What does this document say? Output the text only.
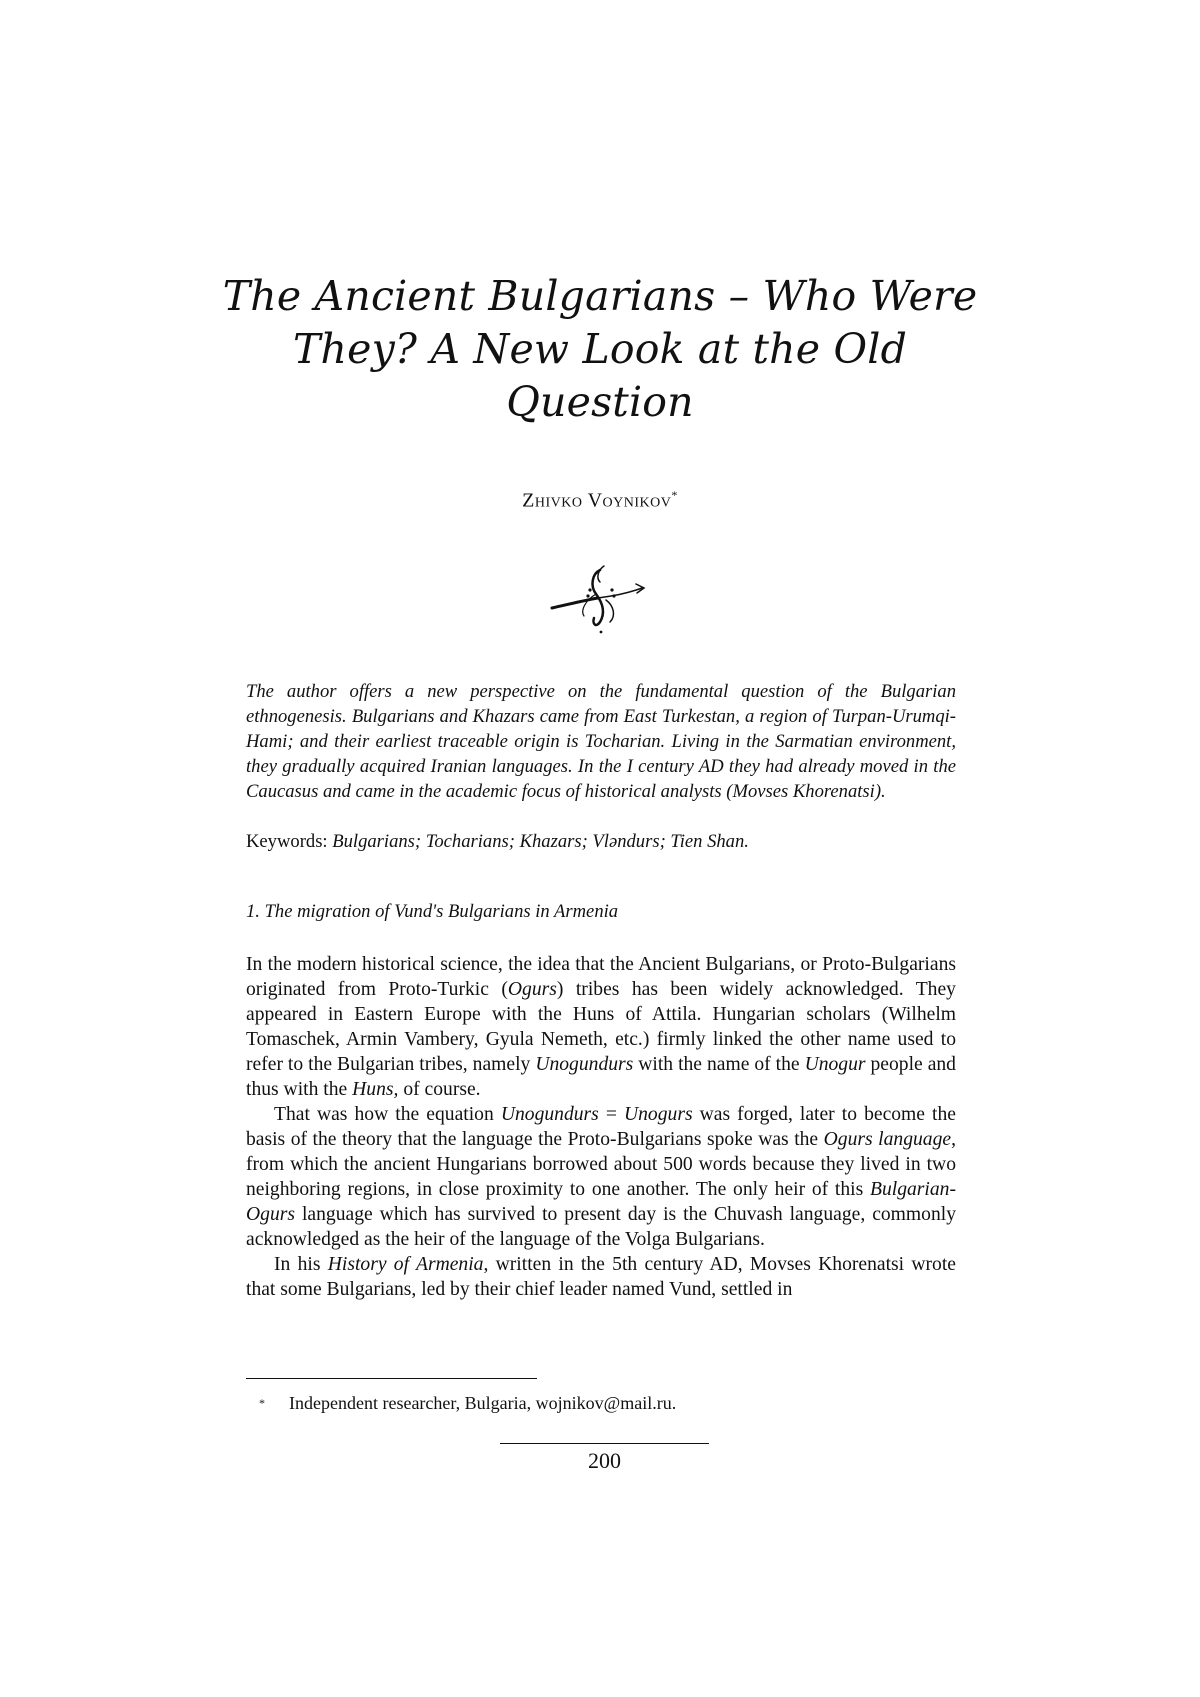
The Ancient Bulgarians – Who Were
They? A New Look at the Old
Question
Zhivko Voynikov*
The author offers a new perspective on the fundamental question of the Bulgarian ethnogenesis. Bulgarians and Khazars came from East Turkestan, a region of Turpan-Urumqi-Hami; and their earliest traceable origin is Tocharian. Living in the Sarmatian environment, they gradually acquired Iranian languages. In the I century AD they had already moved in the Caucasus and came in the academic focus of historical analysts (Movses Khorenatsi).
Keywords: Bulgarians; Tocharians; Khazars; Vləndurs; Tien Shan.
1. The migration of Vund's Bulgarians in Armenia

In the modern historical science, the idea that the Ancient Bulgarians, or Proto-Bulgarians originated from Proto-Turkic (Ogurs) tribes has been widely acknowledged. They appeared in Eastern Europe with the Huns of Attila. Hungarian scholars (Wilhelm Tomaschek, Armin Vambery, Gyula Nemeth, etc.) firmly linked the other name used to refer to the Bulgarian tribes, namely Unogundurs with the name of the Unogur people and thus with the Huns, of course.

That was how the equation Unogundurs = Unogurs was forged, later to become the basis of the theory that the language the Proto-Bulgarians spoke was the Ogurs language, from which the ancient Hungarians borrowed about 500 words because they lived in two neighboring regions, in close proximity to one another. The only heir of this Bulgarian-Ogurs language which has survived to present day is the Chuvash language, commonly acknowledged as the heir of the language of the Volga Bulgarians.

In his History of Armenia, written in the 5th century AD, Movses Khorenatsi wrote that some Bulgarians, led by their chief leader named Vund, settled in

* Independent researcher, Bulgaria, wojnikov@mail.ru.
200
